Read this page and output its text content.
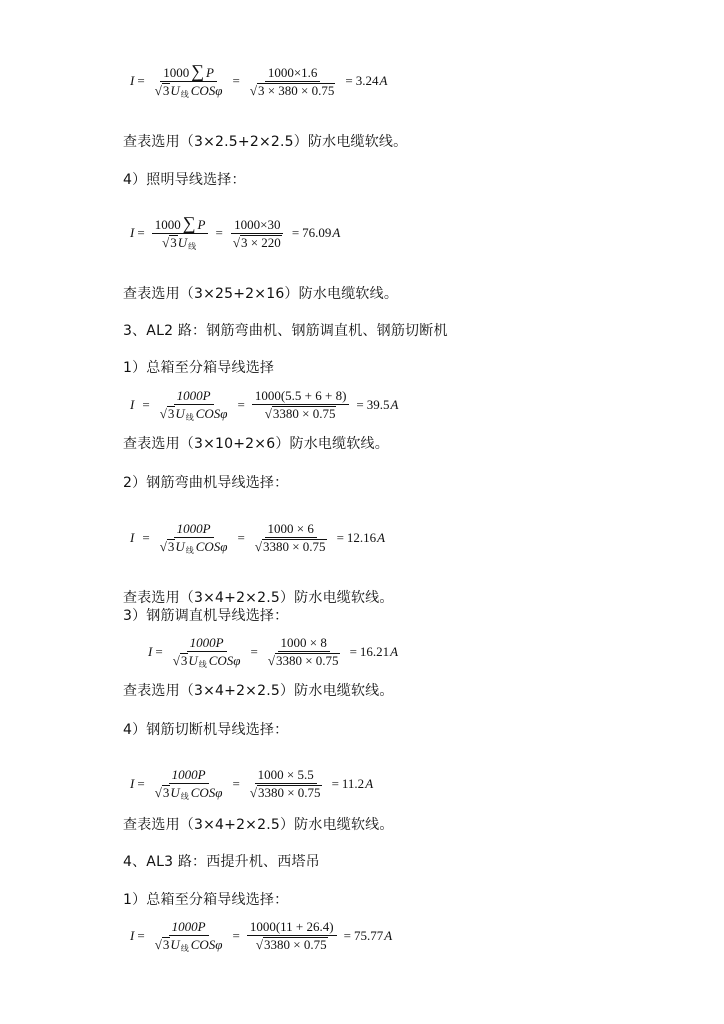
$I = \frac{1000 \sum P}{\text{√ 3 U 线 COSφ}} = \frac{1000\times 1.6}{√ 3 \times 380 \times 0.75} = 3.24$ A
查表选用（3×2.5+2×2.5）防水电缆软线。
4）照明导线选择：
$I = \frac{1000 \sum P}{\text{√ 3 U 线}} = \frac{1000\times 30}{√ 3 \times 220} = 76.09$ A
查表选用（3×25+2×16）防水电缆软线。
3、AL2 路：钢筋弯曲机、钢筋调直机、钢筋切断机
1）总箱至分箱导线选择
$I = \frac{1000P}{\text{√ 3 U 线 COSφ}} = \frac{1000(5.5 + 6 + 8)}{√ 3380 \times 0.75} = 39.5$ A
查表选用（3×10+2×6）防水电缆软线。
2）钢筋弯曲机导线选择：
$I = \frac{1000P}{\text{√ 3 U 线 COSφ}} = \frac{1000 \times 6}{√ 3380 \times 0.75} = 12.16$ A
查表选用（3×4+2×2.5）防水电缆软线。
3）钢筋调直机导线选择：
$I = \frac{1000P}{\text{√ 3 U 线 COSφ}} = \frac{1000 \times 8}{√ 3380 \times 0.75} = 16.21$ A
查表选用（3×4+2×2.5）防水电缆软线。
4）钢筋切断机导线选择：
$I = \frac{1000P}{\text{√ 3 U 线 COSφ}} = \frac{1000 \times 5.5}{√ 3380 \times 0.75} = 11.2$ A
查表选用（3×4+2×2.5）防水电缆软线。
4、AL3 路：西提升机、西塔吊
1）总箱至分箱导线选择：
$I = \frac{1000P}{\text{√ 3 U 线 COSφ}} = \frac{1000(11 + 26.4)}{√ 3380 \times 0.75} = 75.77$ A
